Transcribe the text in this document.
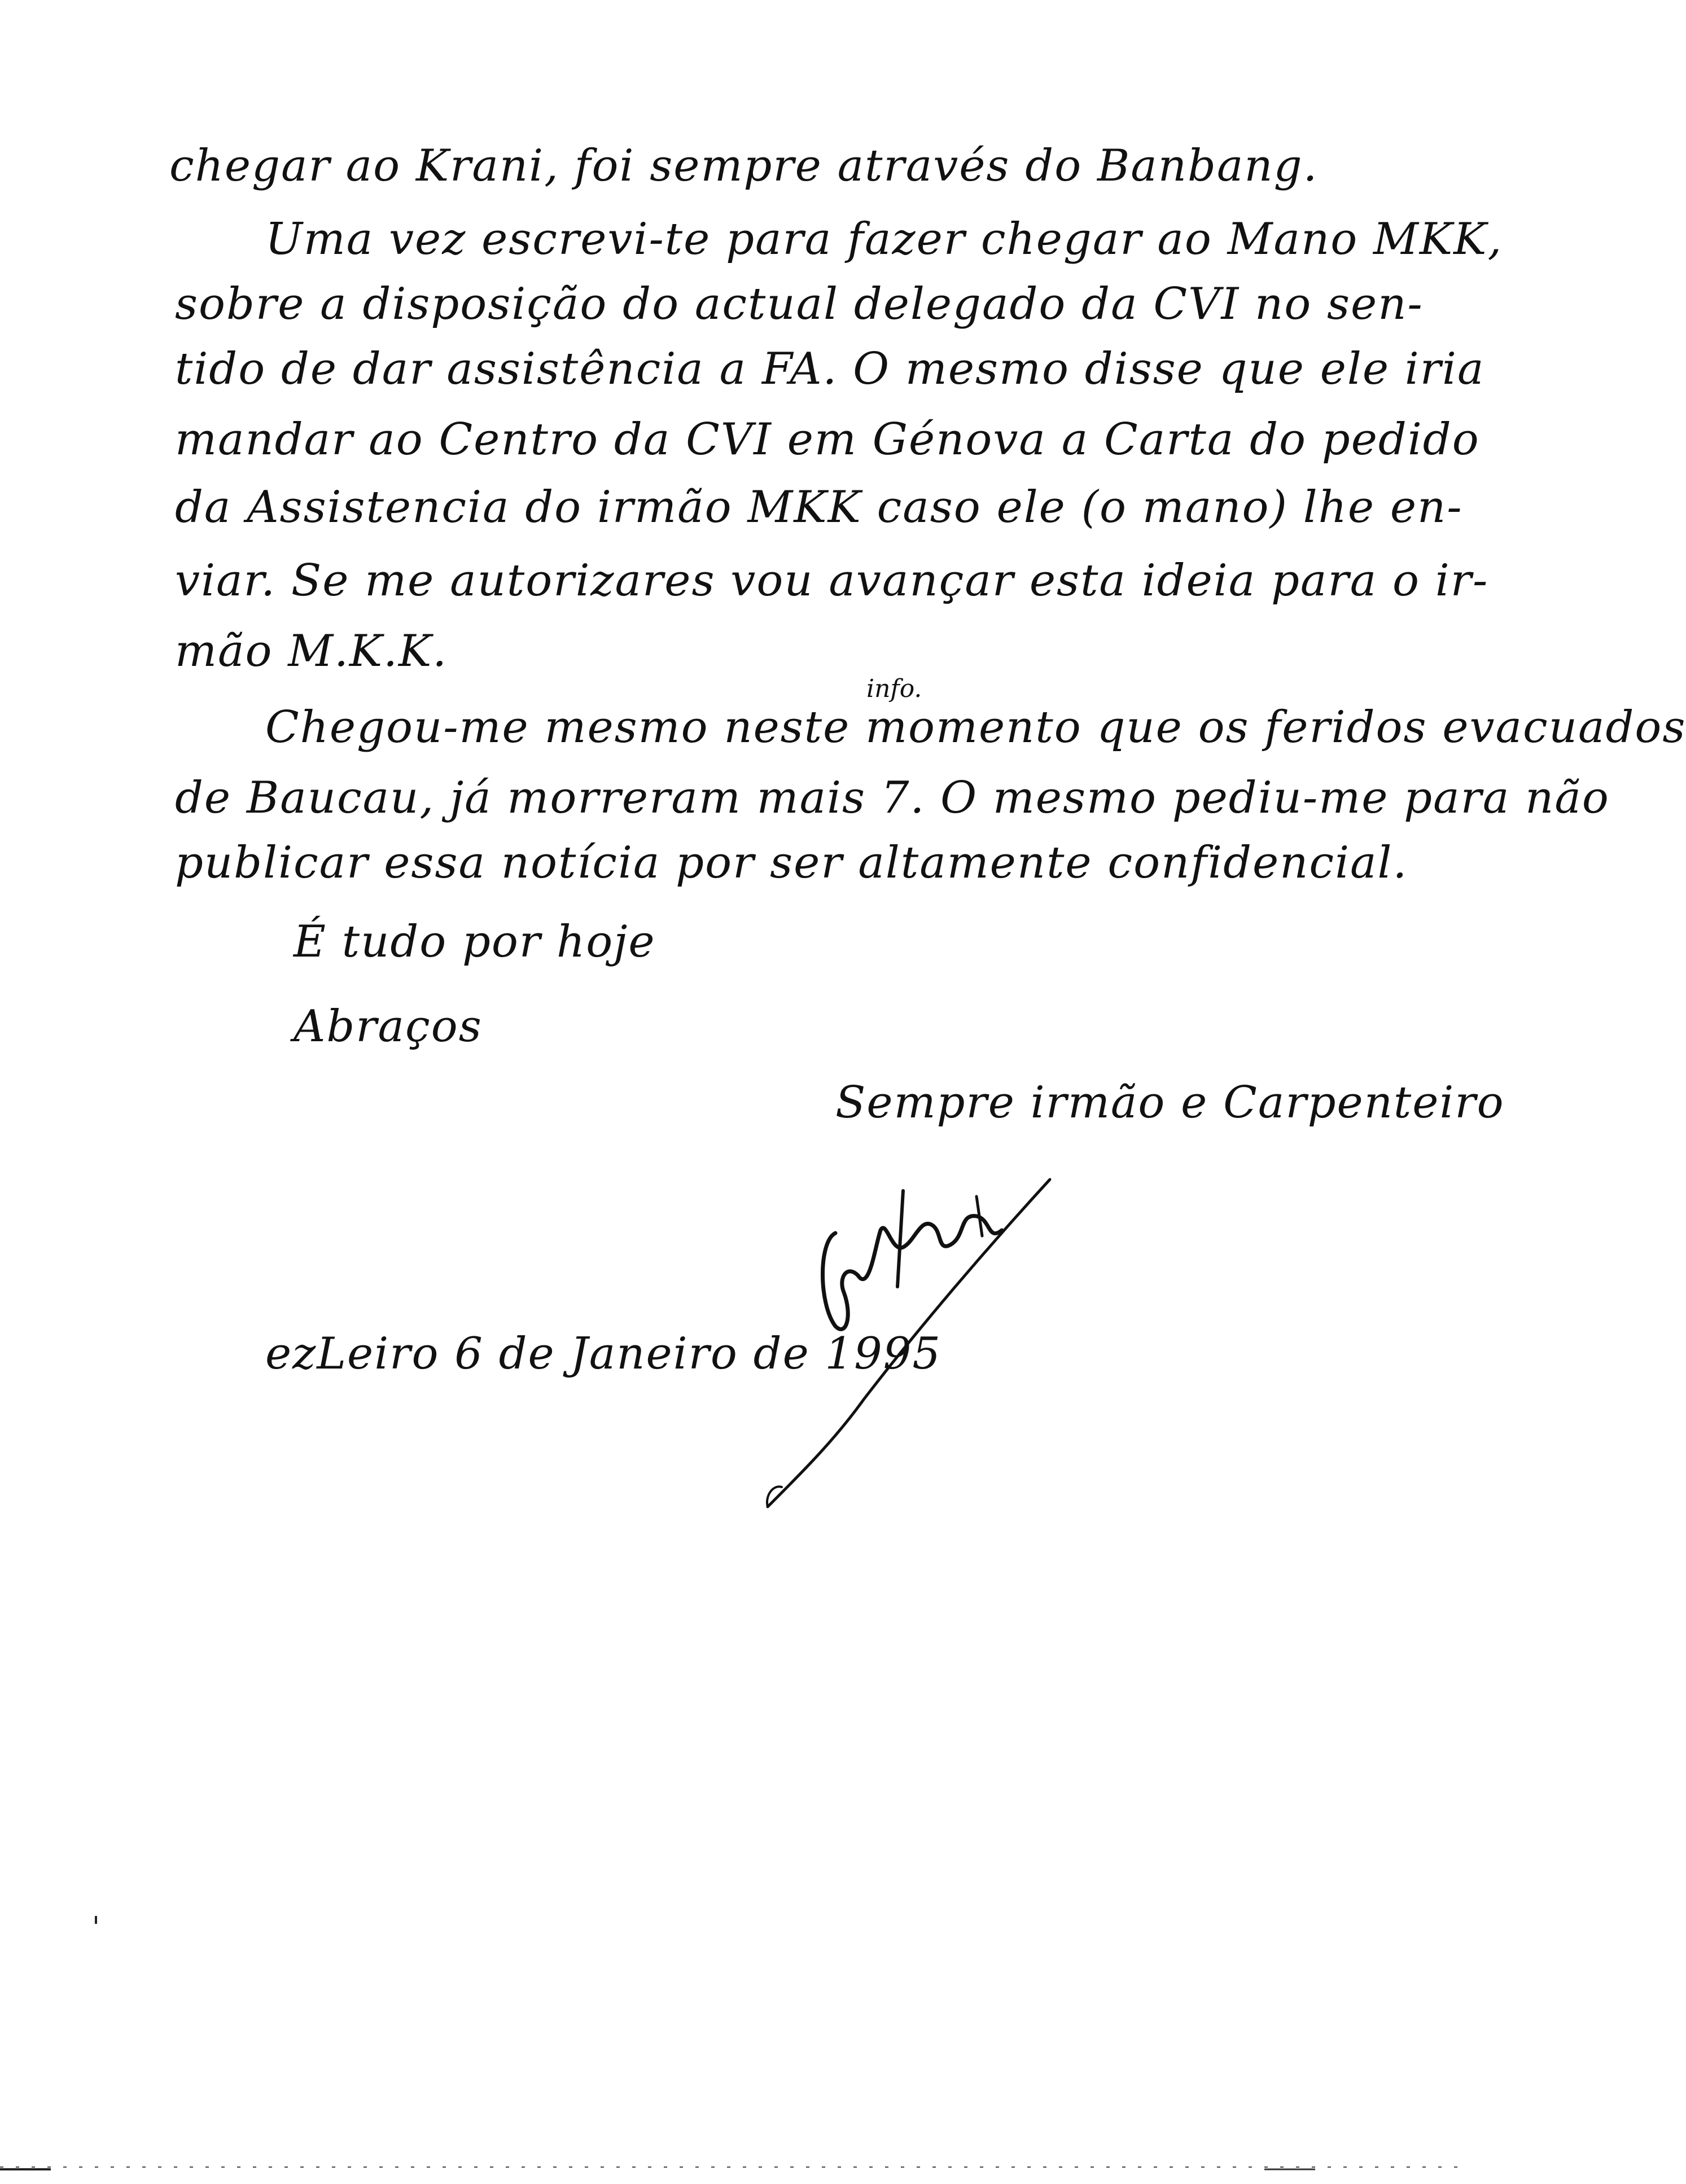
chegar ao Krani, foi sempre através do Banbang.
Uma vez escrevi-te para fazer chegar ao Mano MKK,
sobre a disposição do actual delegado da CVI no sen-
tido de dar assistência a FA. O mesmo disse que ele iria
mandar ao Centro da CVI em Génova a Carta do pedido
da Assistencia do irmão MKK caso ele (o mano) lhe en-
viar. Se me autorizares vou avançar esta ideia para o ir-
mão M.K.K.
info.
Chegou-me mesmo neste momento que os feridos evacuados
de Baucau, já morreram mais 7. O mesmo pediu-me para não
publicar essa notícia por ser altamente confidencial.
É tudo por hoje
Abraços
Sempre irmão e Carpenteiro
ezLeiro 6 de Janeiro de 1995
